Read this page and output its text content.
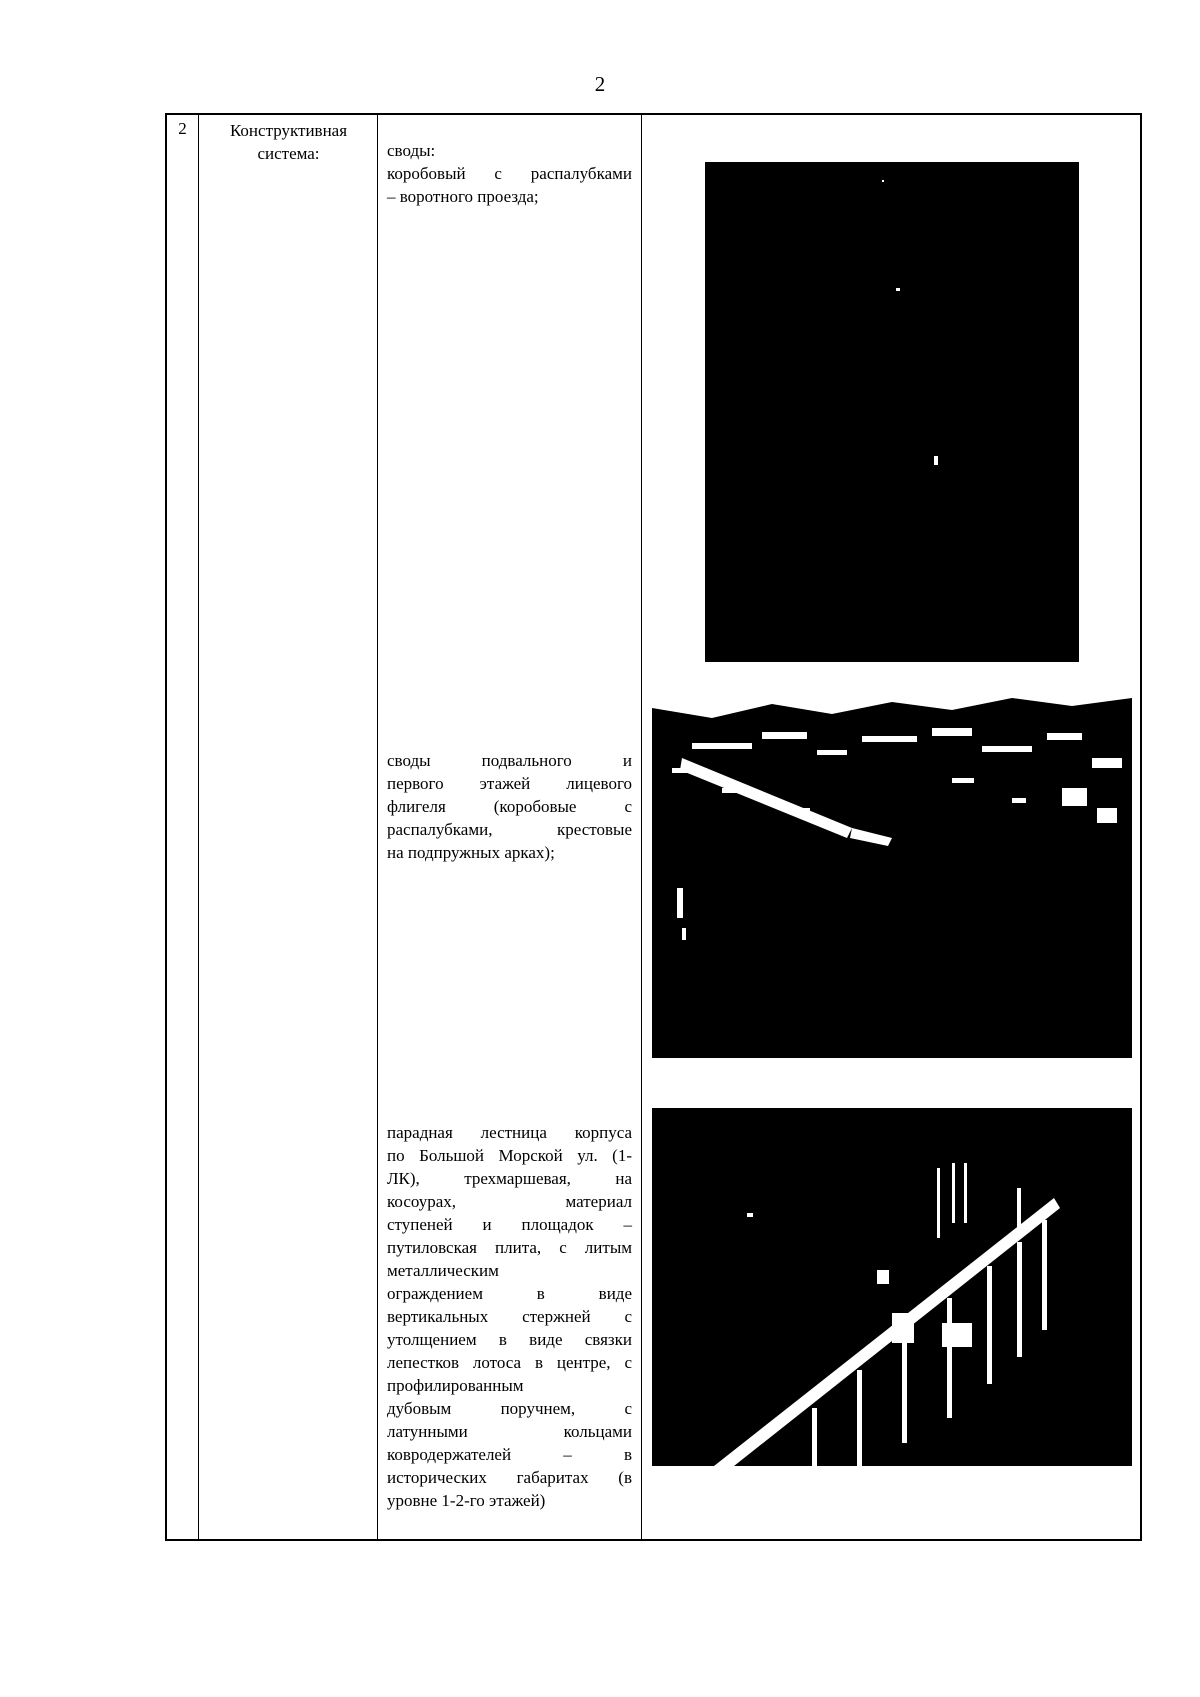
2
2	Конструктивная
система:	своды:
коробовый с распалубками
– воротного проезда;
своды подвального и
первого этажей лицевого
флигеля (коробовые с
распалубками, крестовые
на подпружных арках);
парадная лестница корпуса
по Большой Морской ул. (1-
ЛК), трехмаршевая, на
косоурах, материал
ступеней и площадок –
путиловская плита, с литым
металлическим
ограждением в виде
вертикальных стержней с
утолщением в виде связки
лепестков лотоса в центре, с
профилированным
дубовым поручнем, с
латунными кольцами
ковродержателей – в
исторических габаритах (в
уровне 1-2-го этажей)
